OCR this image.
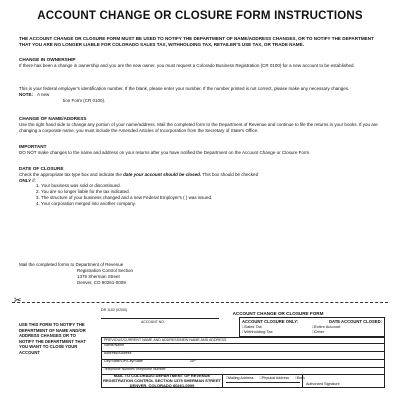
ACCOUNT CHANGE OR CLOSURE FORM INSTRUCTIONS
THE ACCOUNT CHANGE OR CLOSURE FORM MUST BE USED TO NOTIFY THE DEPARTMENT OF NAME/ADDRESS CHANGES, OR TO NOTIFY THE DEPARTMENT THAT YOU ARE NO LONGER LIABLE FOR COLORADO SALES TAX, WITHHOLDING TAX, RETAILER'S USE TAX, OR TRADE NAME.
CHANGE IN OWNERSHIP
If there has been a change in ownership and you are the new owner, you must request a Colorado Business Registration (CR 0100) for a new account to be established.
This is your federal employer's identification number. If the blank, please enter your number. If the number printed is not correct, please make any necessary changes.
NOTE: A new
tion Form (CR 0100).
CHANGE OF NAME/ADDRESS
Use the right hand side to change any portion of your name/address. Mail the completed form to the Department of Revenue and continue to file the returns in your books. If you are changing a corporate name, you must include the Amended Articles of Incorporation from the Secretary of State's Office.
IMPORTANT
DO NOT make changes to the name and address on your returns after you have notified the Department on the Account Change or Closure Form.
DATE OF CLOSURE
Check the appropriate tax type box and indicate the date your account should be closed. This box should be checked
ONLY if:
1. Your business was sold or discontinued.
2. You are no longer liable for the tax indicated.
3. The structure of your business changed and a new Federal Employer's ( ) was issued.
4. Your corporation merged into another company.
Mail the completed forms to Department of Revenue
Registration Control Section
1375 Sherman Street
Denver, CO 80261-0009
✂
USE THIS FORM TO NOTIFY THE DEPARTMENT OF NAME AND/OR ADDRESS CHANGES OR TO NOTIFY THE DEPARTMENT THAT YOU WANT TO CLOSE YOUR ACCOUNT
DR 1102 (02/00)
ACCOUNT CHANGE OR CLOSURE FORM
ACCOUNT NO.	ACCOUNT CLOSURE ONLY:	DATE ACCOUNT CLOSED:
□ Sales Tax	□ Entire Account
□ Withholding Tax	□ Other
PREVIOUS/CURRENT NAME AND ADDRESS/NEW NAME AND ADDRESS
Name/Name
Address/Address
City/State/ZIP/City/State	ZIP
Telephone Number/Telephone Number
MAIL TO COLORADO DEPARTMENT OF REVENUE REGISTRATION CONTROL SECTION 1375 SHERMAN STREET DENVER, COLORADO 80261-0009
□ Mailing Address	□ Physical Address	□ Both
Authorized Signature
